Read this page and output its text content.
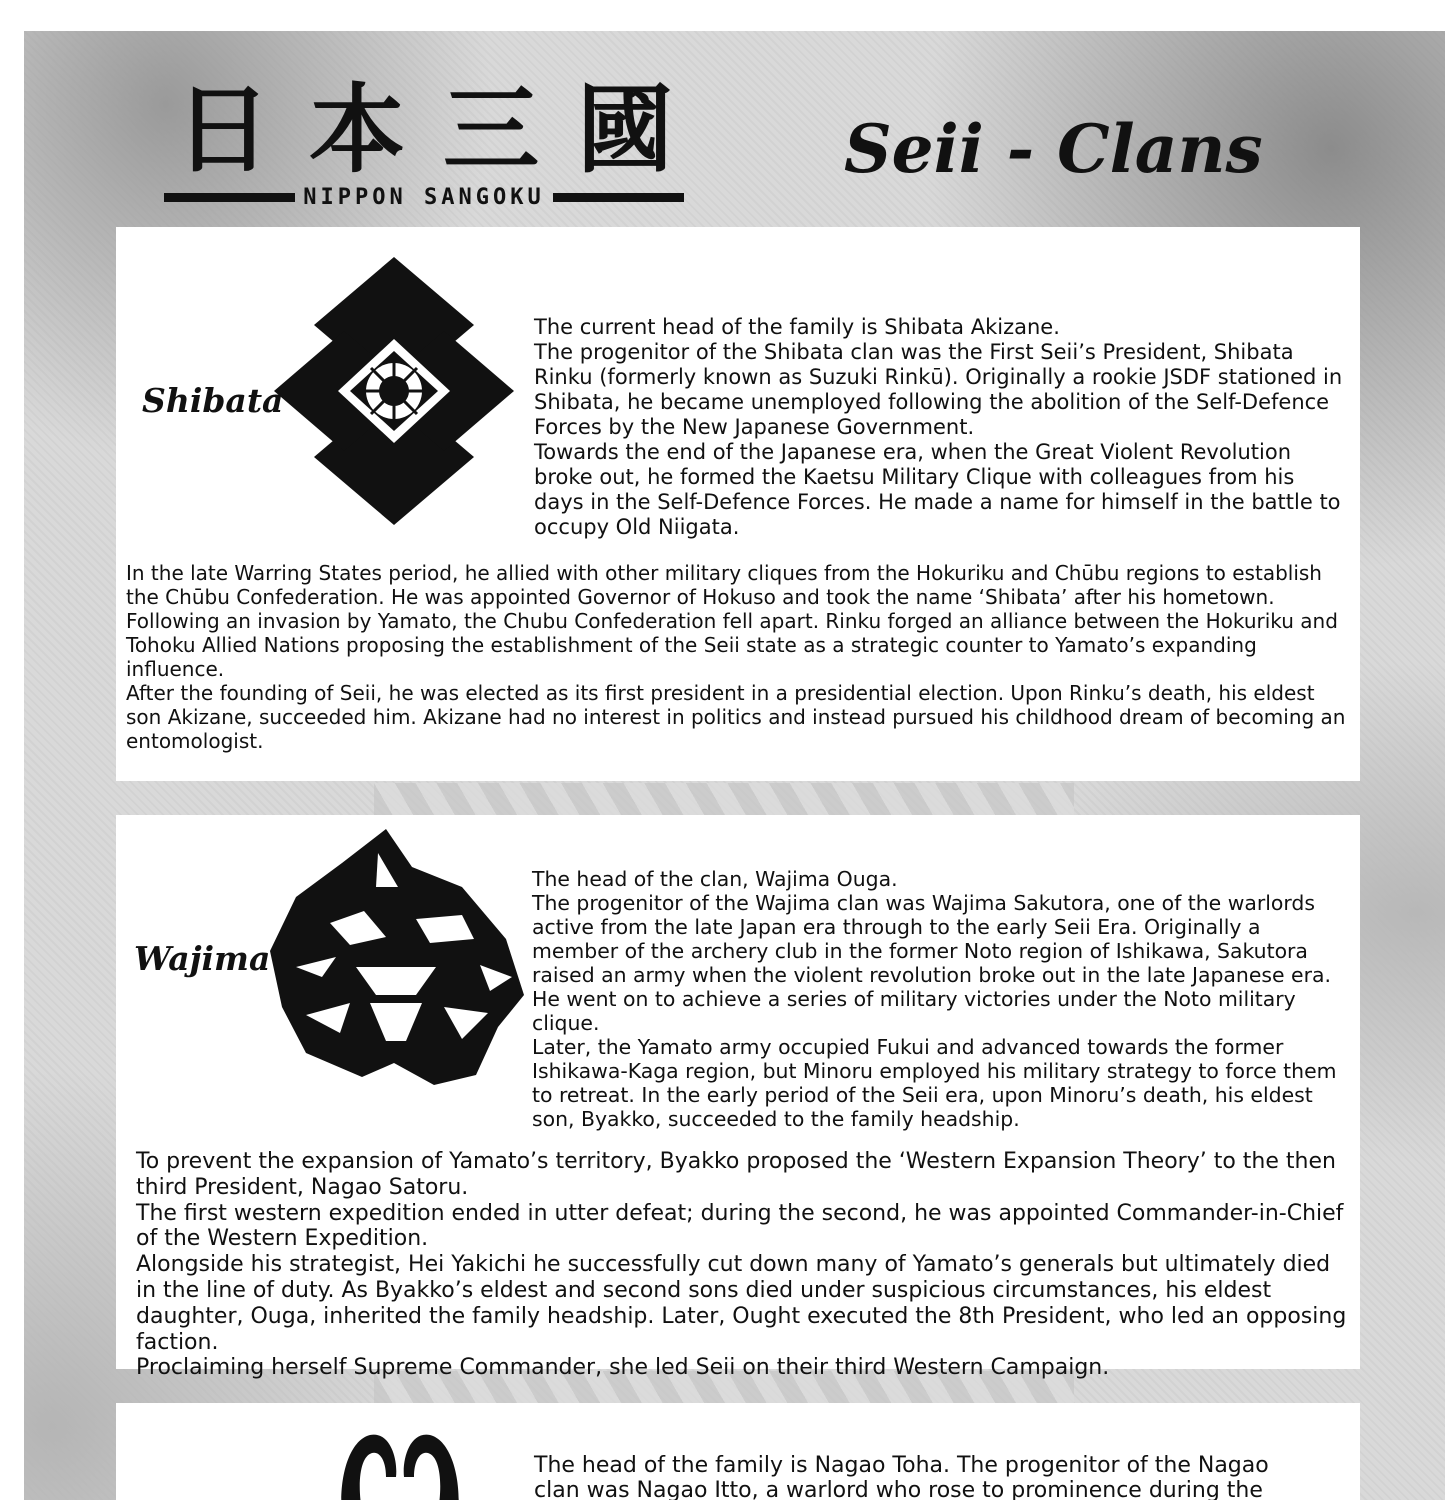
日 本 三 國
NIPPON SANGOKU
Seii - Clans
Shibata

The current head of the family is Shibata Akizane.
The progenitor of the Shibata clan was the First Seii’s President, Shibata Rinku (formerly known as Suzuki Rinkū). Originally a rookie JSDF stationed in Shibata, he became unemployed following the abolition of the Self-Defence Forces by the New Japanese Government.
Towards the end of the Japanese era, when the Great Violent Revolution broke out, he formed the Kaetsu Military Clique with colleagues from his days in the Self-Defence Forces. He made a name for himself in the battle to occupy Old Niigata.

In the late Warring States period, he allied with other military cliques from the Hokuriku and Chūbu regions to establish the Chūbu Confederation. He was appointed Governor of Hokuso and took the name ‘Shibata’ after his hometown.
Following an invasion by Yamato, the Chubu Confederation fell apart. Rinku forged an alliance between the Hokuriku and Tohoku Allied Nations proposing the establishment of the Seii state as a strategic counter to Yamato’s expanding influence.
After the founding of Seii, he was elected as its first president in a presidential election. Upon Rinku’s death, his eldest son Akizane, succeeded him. Akizane had no interest in politics and instead pursued his childhood dream of becoming an entomologist.

Wajima

The head of the clan, Wajima Ouga.
The progenitor of the Wajima clan was Wajima Sakutora, one of the warlords active from the late Japan era through to the early Seii Era. Originally a member of the archery club in the former Noto region of Ishikawa, Sakutora raised an army when the violent revolution broke out in the late Japanese era. He went on to achieve a series of military victories under the Noto military clique.
Later, the Yamato army occupied Fukui and advanced towards the former Ishikawa-Kaga region, but Minoru employed his military strategy to force them to retreat. In the early period of the Seii era, upon Minoru’s death, his eldest son, Byakko, succeeded to the family headship.

To prevent the expansion of Yamato’s territory, Byakko proposed the ‘Western Expansion Theory’ to the then third President, Nagao Satoru.
The first western expedition ended in utter defeat; during the second, he was appointed Commander-in-Chief of the Western Expedition.
Alongside his strategist, Hei Yakichi he successfully cut down many of Yamato’s generals but ultimately died in the line of duty. As Byakko’s eldest and second sons died under suspicious circumstances, his eldest daughter, Ouga, inherited the family headship. Later, Ought executed the 8th President, who led an opposing faction.
Proclaiming herself Supreme Commander, she led Seii on their third Western Campaign.

The head of the family is Nagao Toha. The progenitor of the Nagao clan was Nagao Itto, a warlord who rose to prominence during the
